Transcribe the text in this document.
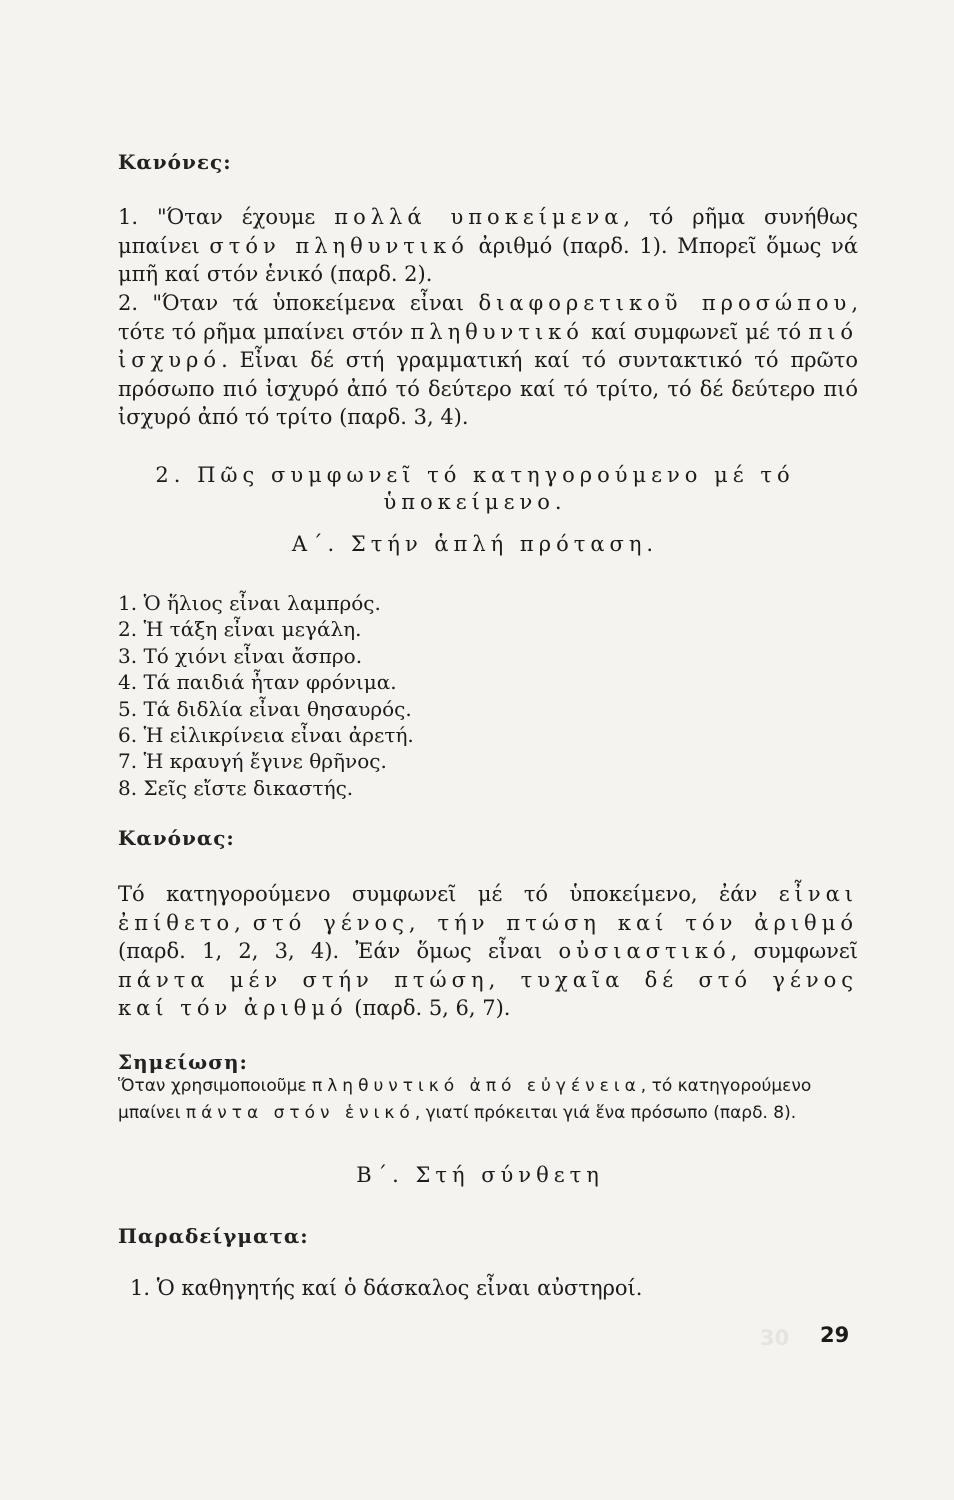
30
Κανόνες:
1. "Όταν έχουμε πολλά υποκείμενα, τό ρῆμα συνήθως μπαίνει στόν πληθυντικό ἀριθμό (παρδ. 1). Μπορεῖ ὅμως νά μπῆ καί στόν ἑνικό (παρδ. 2).
2. "Όταν τά ὑποκείμενα εἶναι διαφορετικοῦ προσώπου, τότε τό ρῆμα μπαίνει στόν πληθυντικό καί συμφωνεῖ μέ τό πιό ἰσχυρό. Εἶναι δέ στή γραμματική καί τό συντακτικό τό πρῶτο πρόσωπο πιό ἰσχυρό ἀπό τό δεύτερο καί τό τρίτο, τό δέ δεύτερο πιό ἰσχυρό ἀπό τό τρίτο (παρδ. 3, 4).
2. Πῶς συμφωνεῖ τό κατηγορούμενο μέ τό
ὑποκείμενο.
Α΄. Στήν ἁπλή πρόταση.
1. Ὁ ἥλιος εἶναι λαμπρός.
2. Ἡ τάξη εἶναι μεγάλη.
3. Τό χιόνι εἶναι ἄσπρο.
4. Τά παιδιά ἦταν φρόνιμα.
5. Τά διδλία εἶναι θησαυρός.
6. Ἡ εἰλικρίνεια εἶναι ἀρετή.
7. Ἡ κραυγή ἔγινε θρῆνος.
8. Σεῖς εἴστε δικαστής.
Κανόνας:
Τό κατηγορούμενο συμφωνεῖ μέ τό ὑποκείμενο, ἐάν εἶναι ἐπίθετο, στό γένος, τήν πτώση καί τόν ἀριθμό (παρδ. 1, 2, 3, 4). Ἐάν ὅμως εἶναι οὐσιαστικό, συμφωνεῖ πάντα μέν στήν πτώση, τυχαῖα δέ στό γένος καί τόν ἀριθμό (παρδ. 5, 6, 7).
Σημείωση:
Ὅταν χρησιμοποιοῦμε πληθυντικό ἀπό εὐγένεια, τό κατηγορούμενο μπαίνει πάντα στόν ἑνικό, γιατί πρόκειται γιά ἕνα πρόσωπο (παρδ. 8).
Β΄. Στή σύνθετη
Παραδείγματα:
1. Ὁ καθηγητής καί ὁ δάσκαλος εἶναι αὐστηροί.
29
